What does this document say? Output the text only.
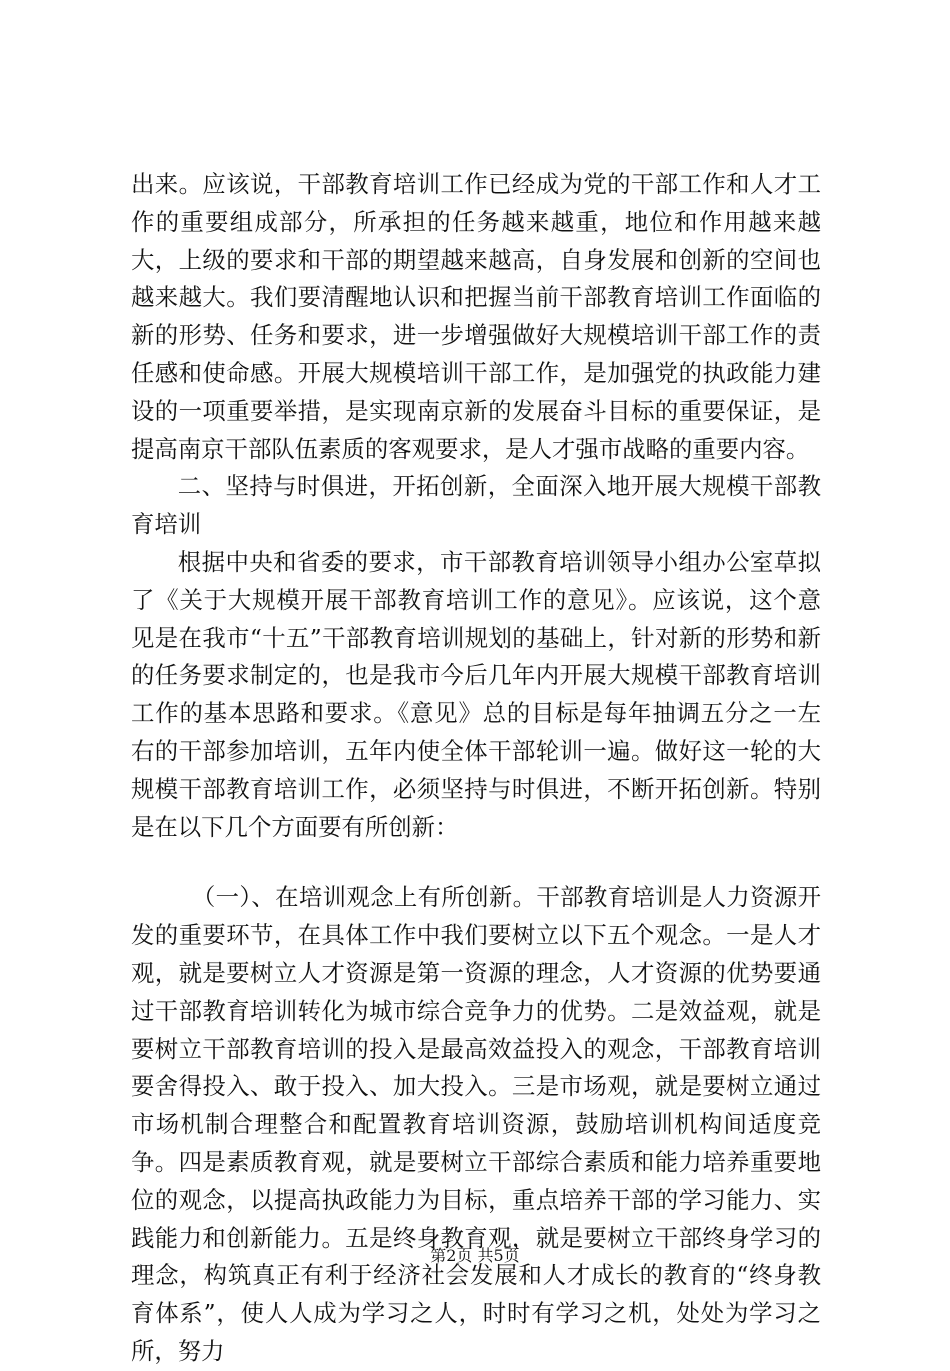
出来。应该说，干部教育培训工作已经成为党的干部工作和人才工作的重要组成部分，所承担的任务越来越重，地位和作用越来越大，上级的要求和干部的期望越来越高，自身发展和创新的空间也越来越大。我们要清醒地认识和把握当前干部教育培训工作面临的新的形势、任务和要求，进一步增强做好大规模培训干部工作的责任感和使命感。开展大规模培训干部工作，是加强党的执政能力建设的一项重要举措，是实现南京新的发展奋斗目标的重要保证，是提高南京干部队伍素质的客观要求，是人才强市战略的重要内容。

二、坚持与时俱进，开拓创新，全面深入地开展大规模干部教育培训

根据中央和省委的要求，市干部教育培训领导小组办公室草拟了《关于大规模开展干部教育培训工作的意见》。应该说，这个意见是在我市“十五”干部教育培训规划的基础上，针对新的形势和新的任务要求制定的，也是我市今后几年内开展大规模干部教育培训工作的基本思路和要求。《意见》总的目标是每年抽调五分之一左右的干部参加培训，五年内使全体干部轮训一遍。做好这一轮的大规模干部教育培训工作，必须坚持与时俱进，不断开拓创新。特别是在以下几个方面要有所创新：

（一）、在培训观念上有所创新。干部教育培训是人力资源开发的重要环节，在具体工作中我们要树立以下五个观念。一是人才观，就是要树立人才资源是第一资源的理念，人才资源的优势要通过干部教育培训转化为城市综合竞争力的优势。二是效益观，就是要树立干部教育培训的投入是最高效益投入的观念，干部教育培训要舍得投入、敢于投入、加大投入。三是市场观，就是要树立通过市场机制合理整合和配置教育培训资源，鼓励培训机构间适度竞争。四是素质教育观，就是要树立干部综合素质和能力培养重要地位的观念，以提高执政能力为目标，重点培养干部的学习能力、实践能力和创新能力。五是终身教育观，就是要树立干部终身学习的理念，构筑真正有利于经济社会发展和人才成长的教育的“终身教育体系”，使人人成为学习之人，时时有学习之机，处处为学习之所，努力

第2页 共5页
